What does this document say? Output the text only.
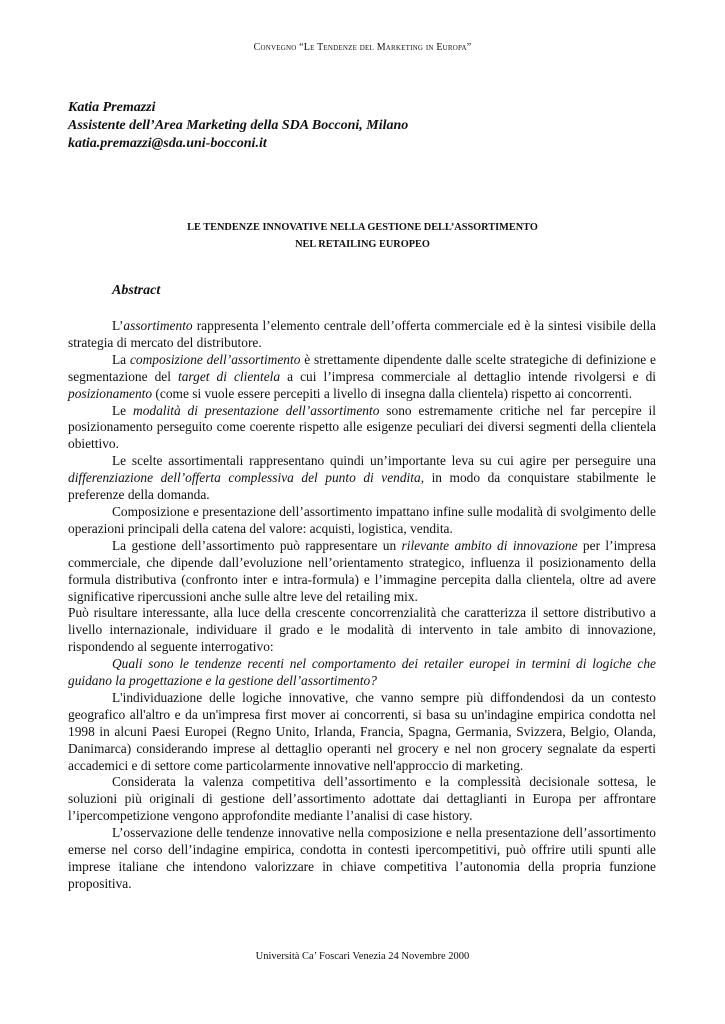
Convegno “Le Tendenze del Marketing in Europa”
Katia Premazzi
Assistente dell’Area Marketing della SDA Bocconi, Milano
katia.premazzi@sda.uni-bocconi.it
LE TENDENZE INNOVATIVE NELLA GESTIONE DELL’ASSORTIMENTO
NEL RETAILING EUROPEO
Abstract

L’assortimento rappresenta l’elemento centrale dell’offerta commerciale ed è la sintesi visibile della strategia di mercato del distributore.

La composizione dell’assortimento è strettamente dipendente dalle scelte strategiche di definizione e segmentazione del target di clientela a cui l’impresa commerciale al dettaglio intende rivolgersi e di posizionamento (come si vuole essere percepiti a livello di insegna dalla clientela) rispetto ai concorrenti.

Le modalità di presentazione dell’assortimento sono estremamente critiche nel far percepire il posizionamento perseguito come coerente rispetto alle esigenze peculiari dei diversi segmenti della clientela obiettivo.

Le scelte assortimentali rappresentano quindi un’importante leva su cui agire per perseguire una differenziazione dell’offerta complessiva del punto di vendita, in modo da conquistare stabilmente le preferenze della domanda.

Composizione e presentazione dell’assortimento impattano infine sulle modalità di svolgimento delle operazioni principali della catena del valore: acquisti, logistica, vendita.

La gestione dell’assortimento può rappresentare un rilevante ambito di innovazione per l’impresa commerciale, che dipende dall’evoluzione nell’orientamento strategico, influenza il posizionamento della formula distributiva (confronto inter e intra-formula) e l’immagine percepita dalla clientela, oltre ad avere significative ripercussioni anche sulle altre leve del retailing mix.

Può risultare interessante, alla luce della crescente concorrenzialità che caratterizza il settore distributivo a livello internazionale, individuare il grado e le modalità di intervento in tale ambito di innovazione, rispondendo al seguente interrogativo:

Quali sono le tendenze recenti nel comportamento dei retailer europei in termini di logiche che guidano la progettazione e la gestione dell’assortimento?

L'individuazione delle logiche innovative, che vanno sempre più diffondendosi da un contesto geografico all'altro e da un'impresa first mover ai concorrenti, si basa su un'indagine empirica condotta nel 1998 in alcuni Paesi Europei (Regno Unito, Irlanda, Francia, Spagna, Germania, Svizzera, Belgio, Olanda, Danimarca) considerando imprese al dettaglio operanti nel grocery e nel non grocery segnalate da esperti accademici e di settore come particolarmente innovative nell'approccio di marketing.

Considerata la valenza competitiva dell’assortimento e la complessità decisionale sottesa, le soluzioni più originali di gestione dell’assortimento adottate dai dettaglianti in Europa per affrontare l’ipercompetizione vengono approfondite mediante l’analisi di case history.

L’osservazione delle tendenze innovative nella composizione e nella presentazione dell’assortimento emerse nel corso dell’indagine empirica, condotta in contesti ipercompetitivi, può offrire utili spunti alle imprese italiane che intendono valorizzare in chiave competitiva l’autonomia della propria funzione propositiva.

Università Ca’ Foscari Venezia 24 Novembre 2000
